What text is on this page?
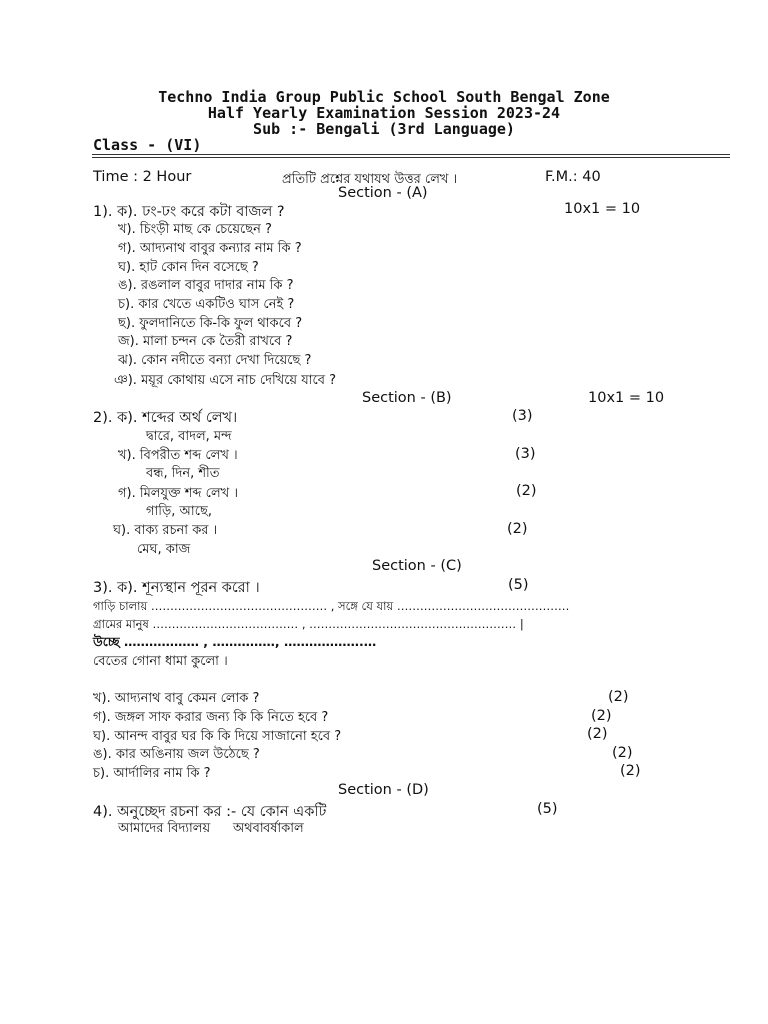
Techno India Group Public School South Bengal Zone
Half Yearly Examination Session 2023-24
Sub :- Bengali (3rd Language)
Class - (VI)
Time : 2 Hour	প্রতিটি প্রশ্নের যথাযথ উত্তর লেখ ।	F.M.: 40
Section - (A)
10x1 = 10
1). ক). ঢং-ঢং করে কটা বাজল ?
খ). চিংড়ী মাছ কে চেয়েছেন ?
গ). আদ্যনাথ বাবুর কন্যার নাম কি ?
ঘ). হাট কোন দিন বসেছে ?
ঙ). রঙলাল বাবুর দাদার নাম কি ?
চ). কার খেতে একটিও ঘাস নেই ?
ছ). ফুলদানিতে কি-কি ফুল থাকবে ?
জ). মালা চন্দন কে তৈরী রাখবে ?
ঝ). কোন নদীতে বন্যা দেখা দিয়েছে ?
ঞ). ময়ূর কোথায় এসে নাচ দেখিয়ে যাবে ?
Section - (B)	10x1 = 10
2). ক). শব্দের অর্থ লেখ।	(3)
দ্বারে, বাদল, মন্দ
খ). বিপরীত শব্দ লেখ ।	(3)
বন্ধ, দিন, শীত
গ). মিলযুক্ত শব্দ লেখ ।	(2)
গাড়ি, আছে,
ঘ). বাক্য রচনা কর ।	(2)
মেঘ, কাজ
Section - (C)
3). ক). শূন্যস্থান পূরন করো ।	(5)
গাড়ি চালায় ………………………………………. , সঙ্গে যে যায় ………………………………………
গ্রামের মানুষ ………………………………‥ , ……………………………………………… |
উচ্ছে ……………… , ……………, ……………….…
বেতের গোনা ধামা কুলো ।
খ). আদ্যনাথ বাবু কেমন লোক ?	(2)
গ). জঙ্গল সাফ করার জন্য কি কি নিতে হবে ?	(2)
ঘ). আনন্দ বাবুর ঘর কি কি দিয়ে সাজানো হবে ?	(2)
ঙ). কার অঙিনায় জল উঠেছে ?	(2)
চ). আর্দালির নাম কি ?	(2)
Section - (D)
4). অনুচ্ছেদ রচনা কর :- যে কোন একটি	(5)
আমাদের বিদ্যালয় অথবা বর্ষাকাল
